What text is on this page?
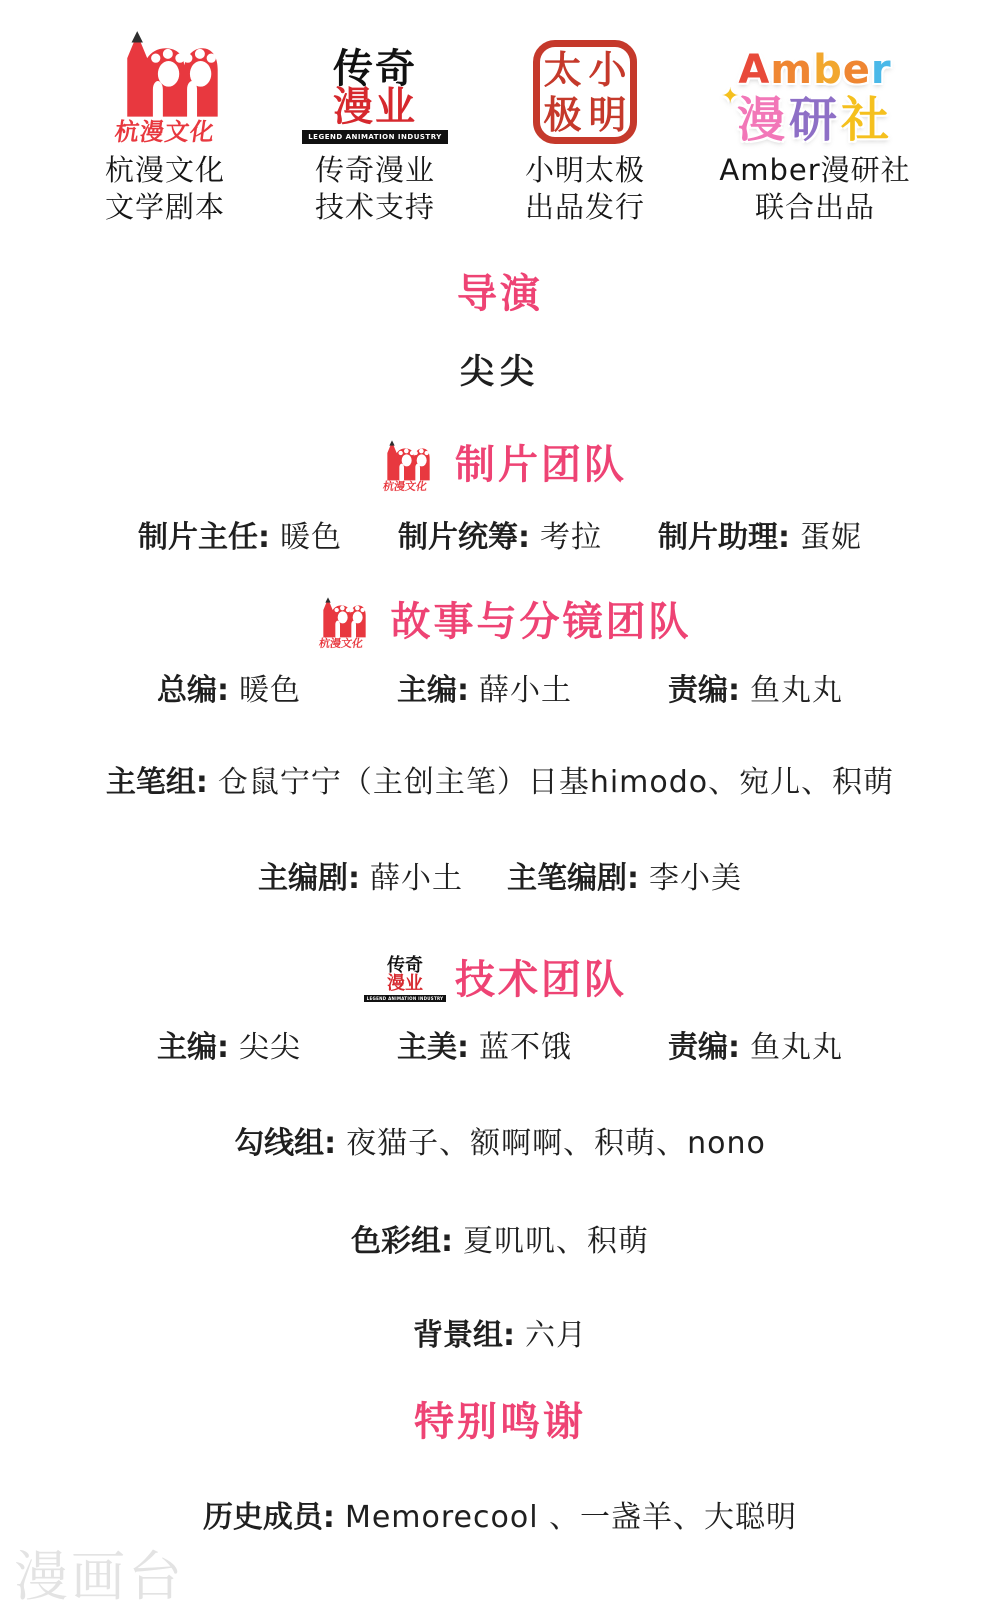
杭漫文化
杭漫文化
文学剧本
传奇
漫业
LEGEND ANIMATION INDUSTRY
传奇漫业
技术支持
太 小
极 明
小明太极
出品发行
Amber
✦ 漫研社
Amber漫研社
联合出品
导演
尖尖
杭漫文化 制片团队
制片主任: 暖色 制片统筹: 考拉 制片助理: 蛋妮
杭漫文化 故事与分镜团队
总编: 暖色	主编: 薛小土	责编: 鱼丸丸
主笔组: 仓鼠宁宁（主创主笔）日基himodo、宛儿、积萌
主编剧: 薛小土 主笔编剧: 李小美
传奇
漫业
LEGEND ANIMATION INDUSTRY 技术团队
主编: 尖尖	主美: 蓝不饿	责编: 鱼丸丸
勾线组: 夜猫子、额啊啊、积萌、nono
色彩组: 夏叽叽、积萌
背景组: 六月
特别鸣谢
历史成员: Memorecool 、一盏羊、大聪明
漫画台
